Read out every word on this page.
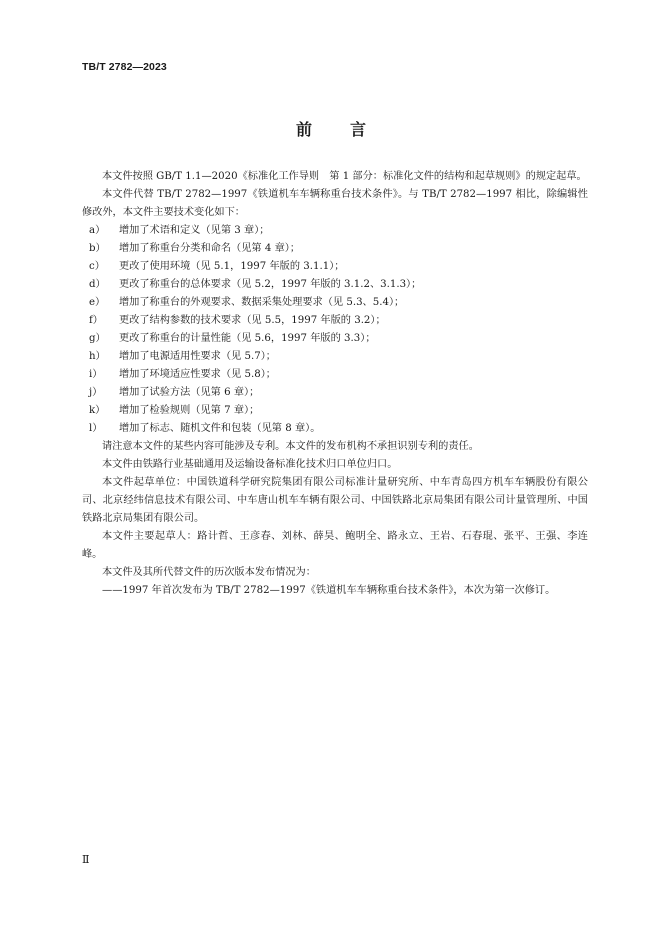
TB/T 2782—2023
前言

本文件按照 GB/T 1.1—2020《标准化工作导则　第 1 部分：标准化文件的结构和起草规则》的规定起草。

本文件代替 TB/T 2782—1997《铁道机车车辆称重台技术条件》。与 TB/T 2782—1997 相比，除编辑性修改外，本文件主要技术变化如下：

a）	增加了术语和定义（见第 3 章）；
b）	增加了称重台分类和命名（见第 4 章）；
c）	更改了使用环境（见 5.1，1997 年版的 3.1.1）；
d）	更改了称重台的总体要求（见 5.2，1997 年版的 3.1.2、3.1.3）；
e）	增加了称重台的外观要求、数据采集处理要求（见 5.3、5.4）；
f）	更改了结构参数的技术要求（见 5.5，1997 年版的 3.2）；
g）	更改了称重台的计量性能（见 5.6，1997 年版的 3.3）；
h）	增加了电源适用性要求（见 5.7）；
i）	增加了环境适应性要求（见 5.8）；
j）	增加了试验方法（见第 6 章）；
k）	增加了检验规则（见第 7 章）；
l）	增加了标志、随机文件和包装（见第 8 章）。

请注意本文件的某些内容可能涉及专利。本文件的发布机构不承担识别专利的责任。

本文件由铁路行业基础通用及运输设备标准化技术归口单位归口。

本文件起草单位：中国铁道科学研究院集团有限公司标准计量研究所、中车青岛四方机车车辆股份有限公司、北京经纬信息技术有限公司、中车唐山机车车辆有限公司、中国铁路北京局集团有限公司计量管理所、中国铁路北京局集团有限公司。

本文件主要起草人：路计哲、王彦春、刘林、薛昊、鲍明全、路永立、王岩、石春琨、张平、王强、李连峰。

本文件及其所代替文件的历次版本发布情况为：

——1997 年首次发布为 TB/T 2782—1997《铁道机车车辆称重台技术条件》，本次为第一次修订。

Ⅱ
